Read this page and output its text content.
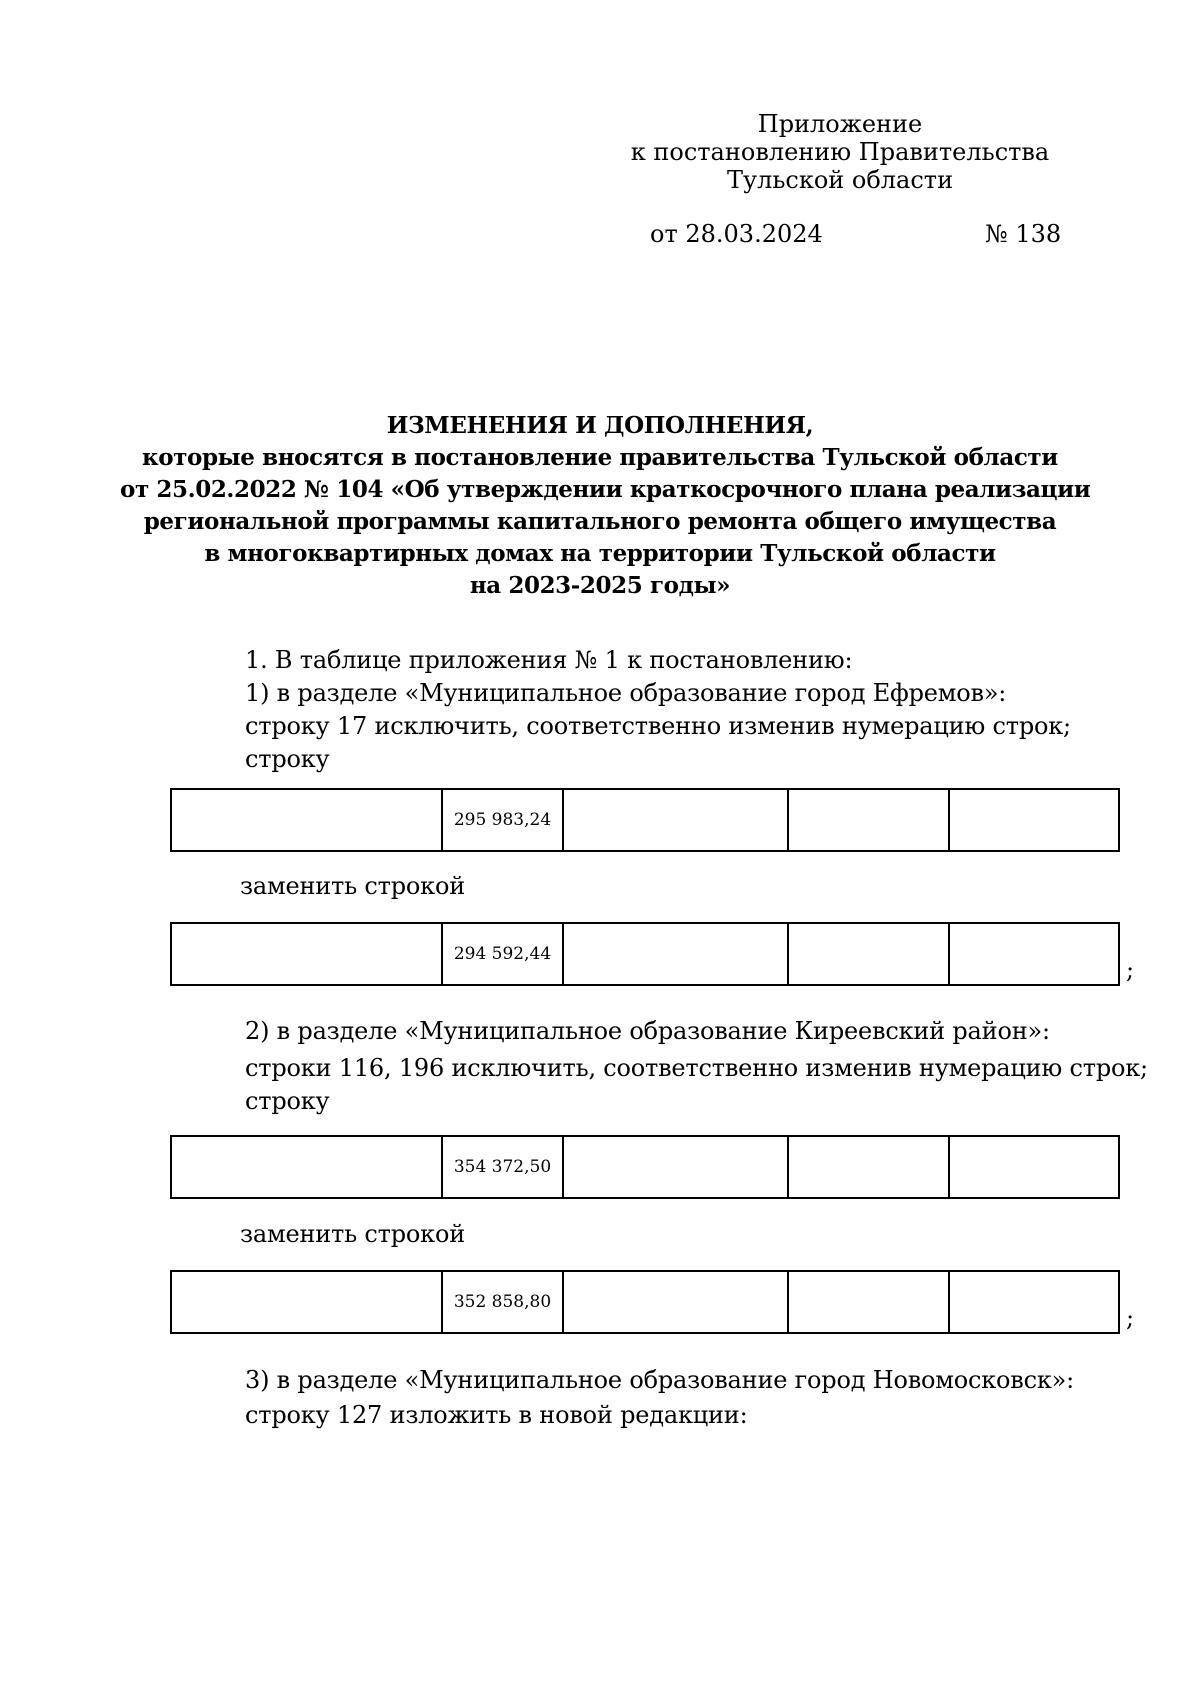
Приложение
к постановлению Правительства
Тульской области
от 28.03.2024	№ 138
ИЗМЕНЕНИЯ И ДОПОЛНЕНИЯ,
которые вносятся в постановление правительства Тульской области
от 25.02.2022 № 104 «Об утверждении краткосрочного плана реализации
региональной программы капитального ремонта общего имущества
в многоквартирных домах на территории Тульской области
на 2023-2025 годы»
1. В таблице приложения № 1 к постановлению:
1) в разделе «Муниципальное образование город Ефремов»:
строку 17 исключить, соответственно изменив нумерацию строк;
строку
	295 983,24			
заменить строкой
	294 592,44			
;
2) в разделе «Муниципальное образование Киреевский район»:
строки 116, 196 исключить, соответственно изменив нумерацию строк;
строку
	354 372,50			
заменить строкой
	352 858,80			
;
3) в разделе «Муниципальное образование город Новомосковск»:
строку 127 изложить в новой редакции:
